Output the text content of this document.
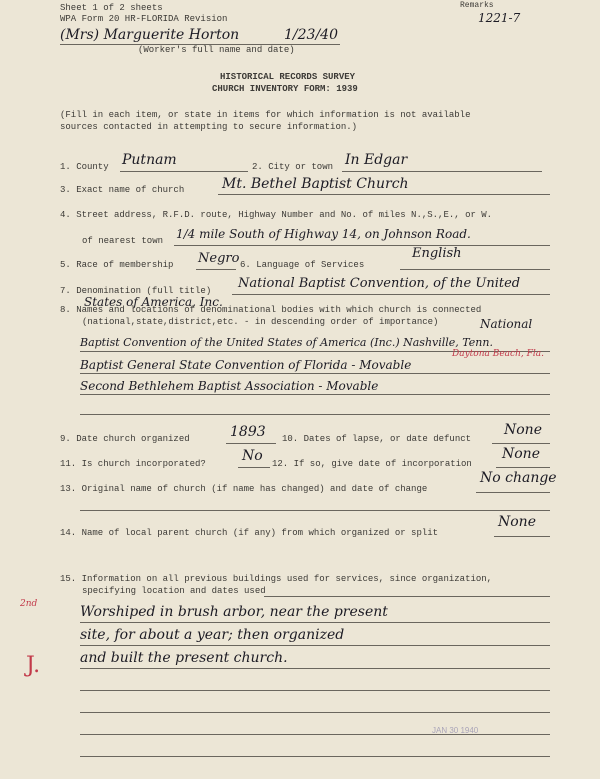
Sheet 1 of 2 sheets
WPA Form 20 HR-FLORIDA Revision
Remarks
1221-7
(Mrs) Marguerite Horton	1/23/40
(Worker's full name and date)
HISTORICAL RECORDS SURVEY
CHURCH INVENTORY FORM: 1939
(Fill in each item, or state in items for which information is not available
sources contacted in attempting to secure information.)
1. County Putnam	2. City or town In Edgar
3. Exact name of church	Mt. Bethel Baptist Church
4. Street address, R.F.D. route, Highway Number and No. of miles N.,S.,E., or W.
of nearest town 1/4 mile South of Highway 14, on Johnson Road.
5. Race of membership Negro 6. Language of Services
English
7. Denomination (full title) National Baptist Convention, of the United
States of America, Inc.
8. Names and locations of denominational bodies with which church is connected
(national,state,district,etc. - in descending order of importance)	National
Baptist Convention of the United States of America (Inc.) Nashville, Tenn.
Daytona Beach, Fla.
Baptist General State Convention of Florida - Movable
Second Bethlehem Baptist Association - Movable
9. Date church organized	1893 10. Dates of lapse, or date defunct
None
11. Is church incorporated?	No 12. If so, give date of incorporation
None
13. Original name of church (if name has changed) and date of change
No change
14. Name of local parent church (if any) from which organized or split
None
15. Information on all previous buildings used for services, since organization,
specifying location and dates used
Worshiped in brush arbor, near the present
site, for about a year; then organized
and built the present church.
2nd
J.
JAN 30 1940
